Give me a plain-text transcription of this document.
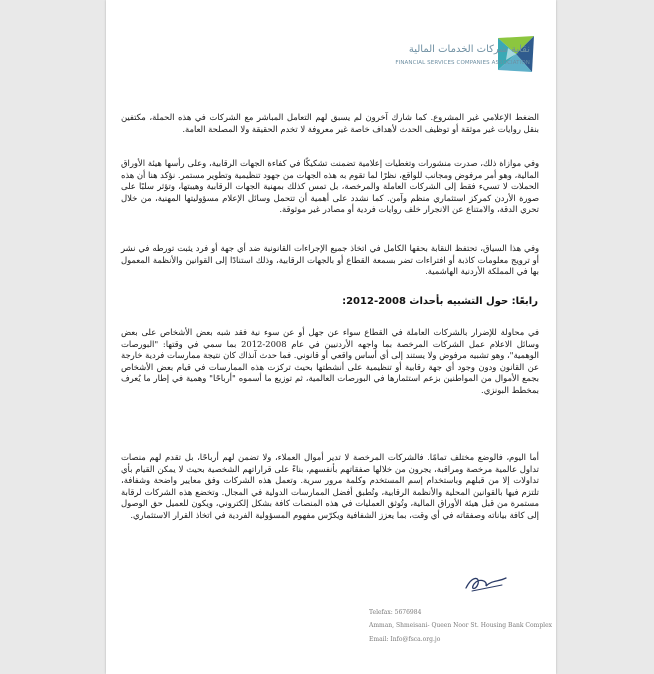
نقابة شركات الخدمات المالية
FINANCIAL SERVICES COMPANIES ASSOCIATION
الضغط الإعلامي غير المشروع. كما شارك آخرون لم يسبق لهم التعامل المباشر مع الشركات في هذه الحملة، مكتفين بنقل روايات غير موثقة أو توظيف الحدث لأهداف خاصة غير معروفة لا تخدم الحقيقة ولا المصلحة العامة.
وفي موازاة ذلك، صدرت منشورات وتغطيات إعلامية تضمنت تشكيكًا في كفاءة الجهات الرقابية، وعلى رأسها هيئة الأوراق المالية، وهو أمر مرفوض ومجانب للواقع، نظرًا لما تقوم به هذه الجهات من جهود تنظيمية وتطوير مستمر. نؤكد هنا أن هذه الحملات لا تسيء فقط إلى الشركات العاملة والمرخصة، بل تمس كذلك بمهنية الجهات الرقابية وهيبتها، وتؤثر سلبًا على صورة الأردن كمركز استثماري منظم وآمن. كما نشدد على أهمية أن تتحمل وسائل الإعلام مسؤوليتها المهنية، من خلال تحري الدقة، والامتناع عن الانجرار خلف روايات فردية أو مصادر غير موثوقة.
وفي هذا السياق، تحتفظ النقابة بحقها الكامل في اتخاذ جميع الإجراءات القانونية ضد أي جهة أو فرد يثبت تورطه في نشر أو ترويج معلومات كاذبة أو افتراءات تضر بسمعة القطاع أو بالجهات الرقابية، وذلك استنادًا إلى القوانين والأنظمة المعمول بها في المملكة الأردنية الهاشمية.
رابعًا: حول التشبيه بأحداث 2008-2012:
في محاولة للإضرار بالشركات العاملة في القطاع سواء عن جهل أو عن سوء نية فقد شبه بعض الأشخاص على بعض وسائل الاعلام عمل الشركات المرخصة بما واجهه الأردنيين في عام 2008-2012 بما سمي في وقتها: "البورصات الوهمية"، وهو تشبيه مرفوض ولا يستند إلى أي أساس واقعي أو قانوني. فما حدث آنذاك كان نتيجة ممارسات فردية خارجة عن القانون ودون وجود أي جهة رقابية أو تنظيمية على أنشطتها بحيث تركزت هذه الممارسات في قيام بعض الأشخاص بجمع الأموال من المواطنين بزعم استثمارها في البورصات العالمية، ثم توزيع ما أسموه "أرباحًا" وهمية في إطار ما يُعرف بمخطط البونزي.
أما اليوم، فالوضع مختلف تمامًا. فالشركات المرخصة لا تدير أموال العملاء، ولا تضمن لهم أرباحًا، بل تقدم لهم منصات تداول عالمية مرخصة ومراقبة، يجرون من خلالها صفقاتهم بأنفسهم، بناءً على قراراتهم الشخصية بحيث لا يمكن القيام بأي تداولات إلا من قبلهم وباستخدام إسم المستخدم وكلمة مرور سرية. وتعمل هذه الشركات وفق معايير واضحة وشفافة، تلتزم فيها بالقوانين المحلية والأنظمة الرقابية، وتُطبق أفضل الممارسات الدولية في المجال. وتخضع هذه الشركات لرقابة مستمرة من قبل هيئة الأوراق المالية، وتُوثق العمليات في هذه المنصات كافة بشكل إلكتروني، ويكون للعميل حق الوصول إلى كافة بياناته وصفقاته في أي وقت، بما يعزز الشفافية ويكرّس مفهوم المسؤولية الفردية في اتخاذ القرار الاستثماري.
Telefax: 5676984
Amman, Shmeisani- Queen Noor St. Housing Bank Complex
Email: Info@fsca.org.jo
